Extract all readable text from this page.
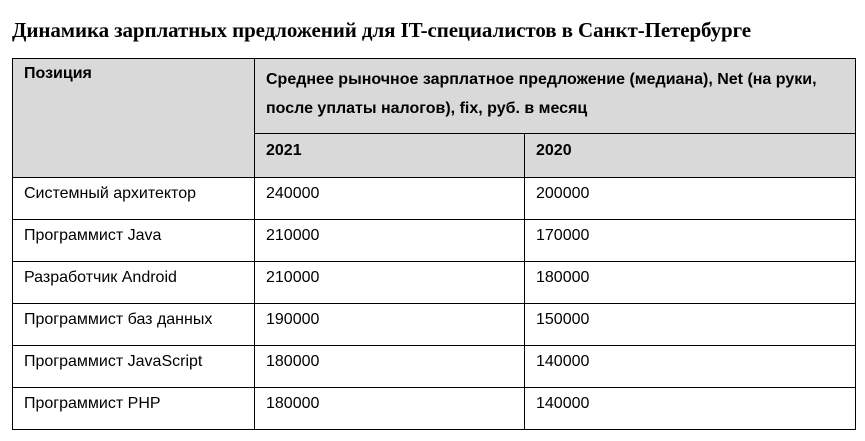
Динамика зарплатных предложений для IT-специалистов в Санкт-Петербурге
Позиция	Среднее рыночное зарплатное предложение (медиана), Net (на руки, после уплаты налогов), fix, руб. в месяц	
	2021	2020
Системный архитектор	240000	200000
Программист Java	210000	170000
Разработчик Android	210000	180000
Программист баз данных	190000	150000
Программист JavaScript	180000	140000
Программист PHP	180000	140000
